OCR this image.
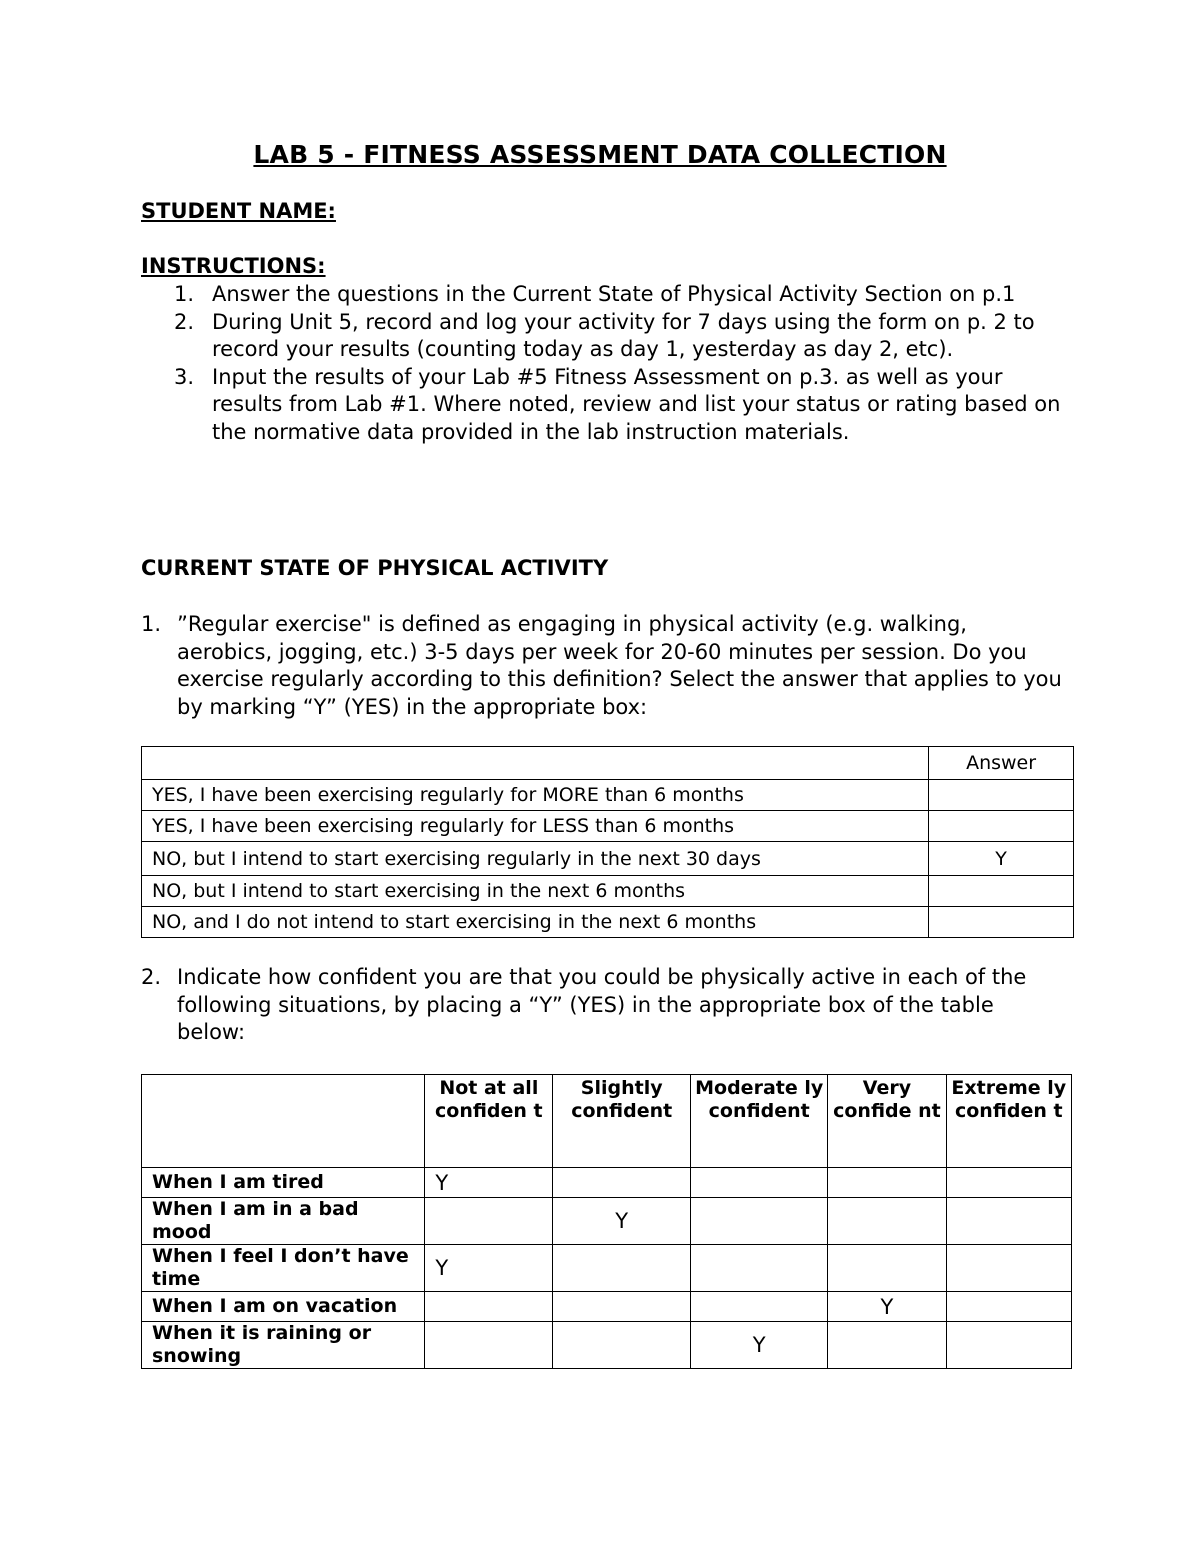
LAB 5 - FITNESS ASSESSMENT DATA COLLECTION
STUDENT NAME:
INSTRUCTIONS:
1. Answer the questions in the Current State of Physical Activity Section on p.1
2. During Unit 5, record and log your activity for 7 days using the form on p. 2 to record your results (counting today as day 1, yesterday as day 2, etc).
3. Input the results of your Lab #5 Fitness Assessment on p.3. as well as your results from Lab #1. Where noted, review and list your status or rating based on the normative data provided in the lab instruction materials.
CURRENT STATE OF PHYSICAL ACTIVITY
1. ”Regular exercise" is defined as engaging in physical activity (e.g. walking, aerobics, jogging, etc.) 3-5 days per week for 20-60 minutes per session. Do you exercise regularly according to this definition? Select the answer that applies to you by marking “Y” (YES) in the appropriate box:
	Answer
YES, I have been exercising regularly for MORE than 6 months	
YES, I have been exercising regularly for LESS than 6 months	
NO, but I intend to start exercising regularly in the next 30 days	Y
NO, but I intend to start exercising in the next 6 months	
NO, and I do not intend to start exercising in the next 6 months	
2. Indicate how confident you are that you could be physically active in each of the following situations, by placing a “Y” (YES) in the appropriate box of the table below:
	Not at all confiden t	Slightly confident	Moderate ly confident	Very confide nt	Extreme ly confiden t
When I am tired	Y				
When I am in a bad mood		Y			
When I feel I don’t have time	Y				
When I am on vacation				Y	
When it is raining or snowing			Y		
